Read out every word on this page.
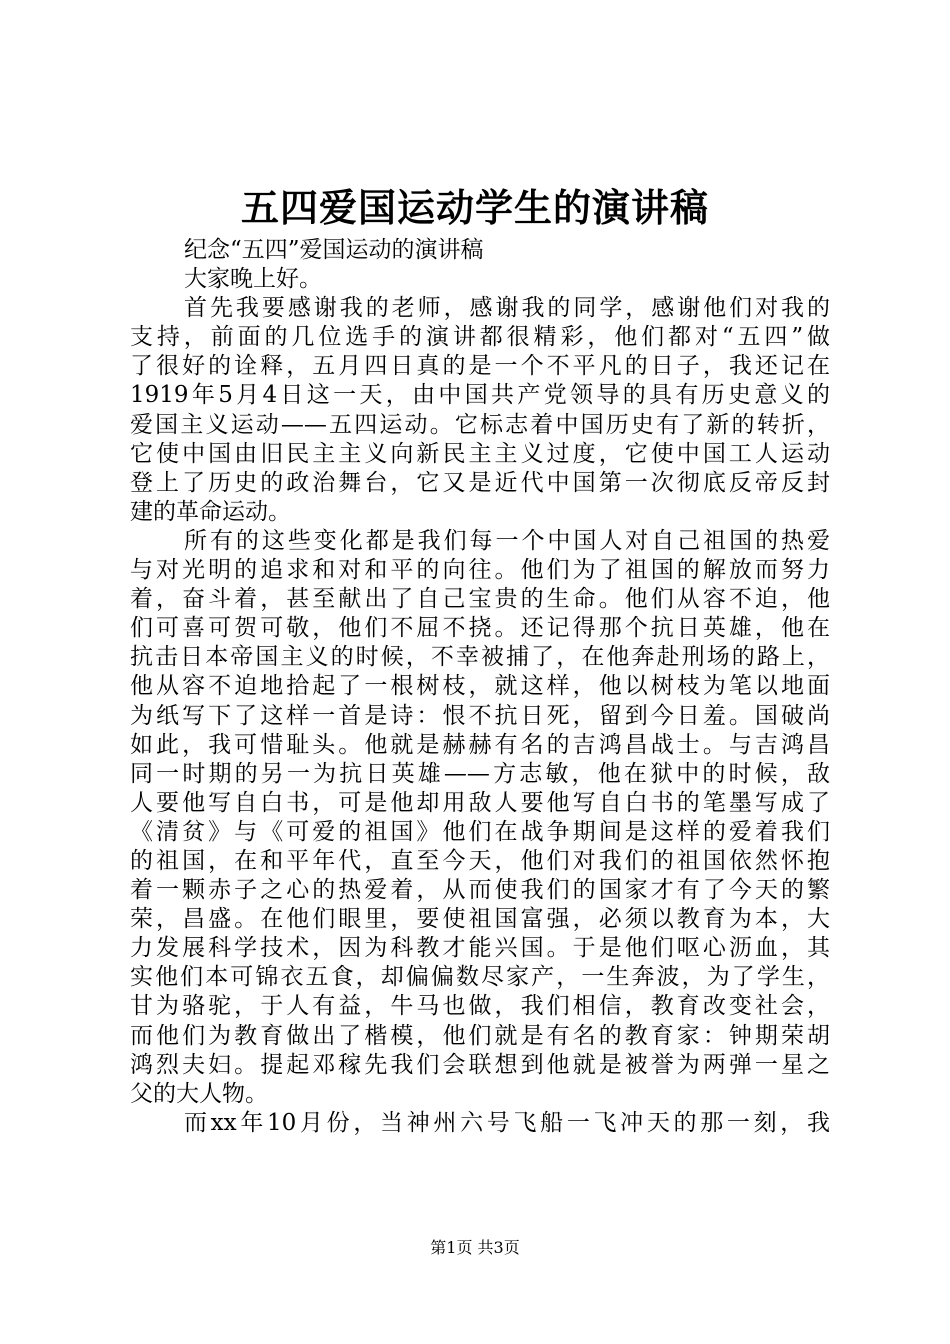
五四爱国运动学生的演讲稿
纪念“五四”爱国运动的演讲稿
大家晚上好。
首先我要感谢我的老师，感谢我的同学，感谢他们对我的
支持，前面的几位选手的演讲都很精彩，他们都对“五四”做
了很好的诠释，五月四日真的是一个不平凡的日子，我还记在
1919年5月4日这一天，由中国共产党领导的具有历史意义的
爱国主义运动——五四运动。它标志着中国历史有了新的转折，
它使中国由旧民主主义向新民主主义过度，它使中国工人运动
登上了历史的政治舞台，它又是近代中国第一次彻底反帝反封
建的革命运动。
所有的这些变化都是我们每一个中国人对自己祖国的热爱
与对光明的追求和对和平的向往。他们为了祖国的解放而努力
着，奋斗着，甚至献出了自己宝贵的生命。他们从容不迫，他
们可喜可贺可敬，他们不屈不挠。还记得那个抗日英雄，他在
抗击日本帝国主义的时候，不幸被捕了，在他奔赴刑场的路上，
他从容不迫地拾起了一根树枝，就这样，他以树枝为笔以地面
为纸写下了这样一首是诗：恨不抗日死，留到今日羞。国破尚
如此，我可惜耻头。他就是赫赫有名的吉鸿昌战士。与吉鸿昌
同一时期的另一为抗日英雄——方志敏，他在狱中的时候，敌
人要他写自白书，可是他却用敌人要他写自白书的笔墨写成了
《清贫》与《可爱的祖国》他们在战争期间是这样的爱着我们
的祖国，在和平年代，直至今天，他们对我们的祖国依然怀抱
着一颗赤子之心的热爱着，从而使我们的国家才有了今天的繁
荣，昌盛。在他们眼里，要使祖国富强，必须以教育为本，大
力发展科学技术，因为科教才能兴国。于是他们呕心沥血，其
实他们本可锦衣五食，却偏偏数尽家产，一生奔波，为了学生，
甘为骆驼，于人有益，牛马也做，我们相信，教育改变社会，
而他们为教育做出了楷模，他们就是有名的教育家：钟期荣胡
鸿烈夫妇。提起邓稼先我们会联想到他就是被誉为两弹一星之
父的大人物。
而xx年10月份，当神州六号飞船一飞冲天的那一刻，我
第1页 共3页
